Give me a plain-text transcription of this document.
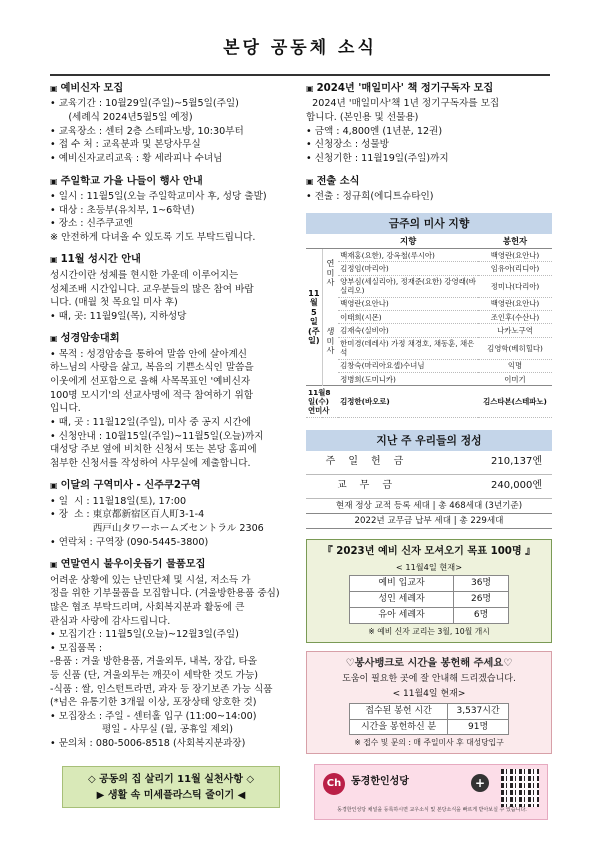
본당 공동체 소식
▣ 예비신자 모집
• 교육기간 : 10월29일(주일)~5월5일(주일)
(세례식 2024년5월5일 예정)
• 교육장소 : 센터 2층 스테파노방, 10:30부터
• 접 수 처 : 교육분과 및 본당사무실
• 예비신자교리교육 : 황 세라피나 수녀님
▣ 주일학교 가을 나들이 행사 안내
• 일시 : 11월5일(오늘 주일학교미사 후, 성당 출발)
• 대상 : 초등부(유치부, 1~6학년)
• 장소 : 신주쿠교엔
※ 안전하게 다녀올 수 있도록 기도 부탁드립니다.
▣ 11월 성시간 안내
성시간이란 성체를 현시한 가운데 이루어지는
성체조배 시간입니다. 교우분들의 많은 참여 바랍
니다. (매월 첫 목요일 미사 후)
• 때, 곳: 11월9일(목), 지하성당
▣ 성경암송대회
• 목적 : 성경암송을 통하여 말씀 안에 살아계신
하느님의 사랑을 삶고, 복음의 기쁜소식인 말씀을
이웃에게 선포함으로 올해 사목목표인 '예비신자
100명 모시기'의 선교사명에 적극 참여하기 위함
입니다.
• 때, 곳 : 11월12일(주일), 미사 중 공지 시간에
• 신청안내 : 10월15일(주일)~11월5일(오늘)까지
대성당 주보 옆에 비치한 신청서 또는 본당 홈피에
첨부한 신청서를 작성하여 사무실에 제출합니다.
▣ 이달의 구역미사 - 신주쿠2구역
• 일  시 : 11월18일(토), 17:00
• 장  소 : 東京都新宿区百人町3-1-4
西戸山タワーホームズセントラル 2306
• 연락처 : 구역장 (090-5445-3800)
▣ 연말연시 불우이웃돕기 물품모집
어려운 상황에 있는 난민단체 및 시설, 저소득 가
정을 위한 기부물품을 모집합니다. (겨울방한용품 중심)
많은 협조 부탁드리며, 사회복지분과 활동에 큰
관심과 사랑에 감사드립니다.
• 모집기간 : 11월5일(오늘)~12월3일(주일)
• 모집품목 :
-용품 : 겨울 방한용품, 겨울외투, 내복, 장갑, 타올
등 신품 (단, 겨울외투는 깨끗이 세탁한 것도 가능)
-식품 : 쌀, 인스턴트라면, 과자 등 장기보존 가능 식품
(*넘은 유통기한 3개월 이상, 포장상태 양호한 것)
• 모집장소 : 주일 - 센터홀 입구 (11:00~14:00)
평일 - 사무실 (월, 공휴일 제외)
• 문의처 : 080-5006-8518 (사회복지분과장)
▣ 2024년 '매일미사' 책 정기구독자 모집
2024년 '매일미사'책 1년 정기구독자를 모집
합니다. (본인용 및 선물용)
• 금액 : 4,800엔 (1년분, 12권)
• 신청장소 : 성물방
• 신청기한 : 11월19일(주일)까지
▣ 전출 소식
• 전출 : 정규희(에디트슈타인)
금주의 미사 지향
		지향	봉헌자
11월5일(주일)	연미사	백재홍(요한), 강옥철(루시아)	백영란(요안나)
		김정임(마리아)	임유아(리디아)
		양부심(세실리아), 정재준(요한) 강영래(바실리오)	정미나(다리아)
	생미사	백영란(요안나)	백영란(요안나)
		이태희(시몬)	조인후(수산나)
		김재숙(실비아)	나카노구역
		한미경(데레사) 가정 채경호, 채동훈, 채은석	김영학(베히힐다)
		김창숙(마리아요셉)수녀님	익명
		정병희(도미니카)	이미기

11월8일(수)
연미사		김정한(바오로)	김스타본(스테파노)
지난 주 우리들의 정성
주일헌금	210,137엔
교무금	240,000엔
현재 정상 교적 등록 세대 | 총 468세대 (3년기준)
2022년 교무금 납부 세대 | 총 229세대
『 2023년 예비 신자 모셔오기 목표 100명 』
< 11월4일 현재>
예비 입교자	36명
성인 세례자	26명
유아 세례자	6명
※ 예비 신자 교리는 3월, 10월 개시
♡봉사뱅크로 시간을 봉헌해 주세요♡
도움이 필요한 곳에 잘 안내해 드리겠습니다.
< 11월4일 현재>
접수된 봉헌 시간	3,537시간
시간을 봉헌하신 분	91명
※ 접수 및 문의 : 매 주일미사 후 대성당입구
◇ 공동의 집 살리기 11월 실천사항 ◇
▶ 생활 속 미세플라스틱 줄이기 ◀
Ch 동경한인성당	+
동경한인성당 채널을 등록하시면 교우소식 및 본당소식을 빠르게 받아보실 수 있습니다.
